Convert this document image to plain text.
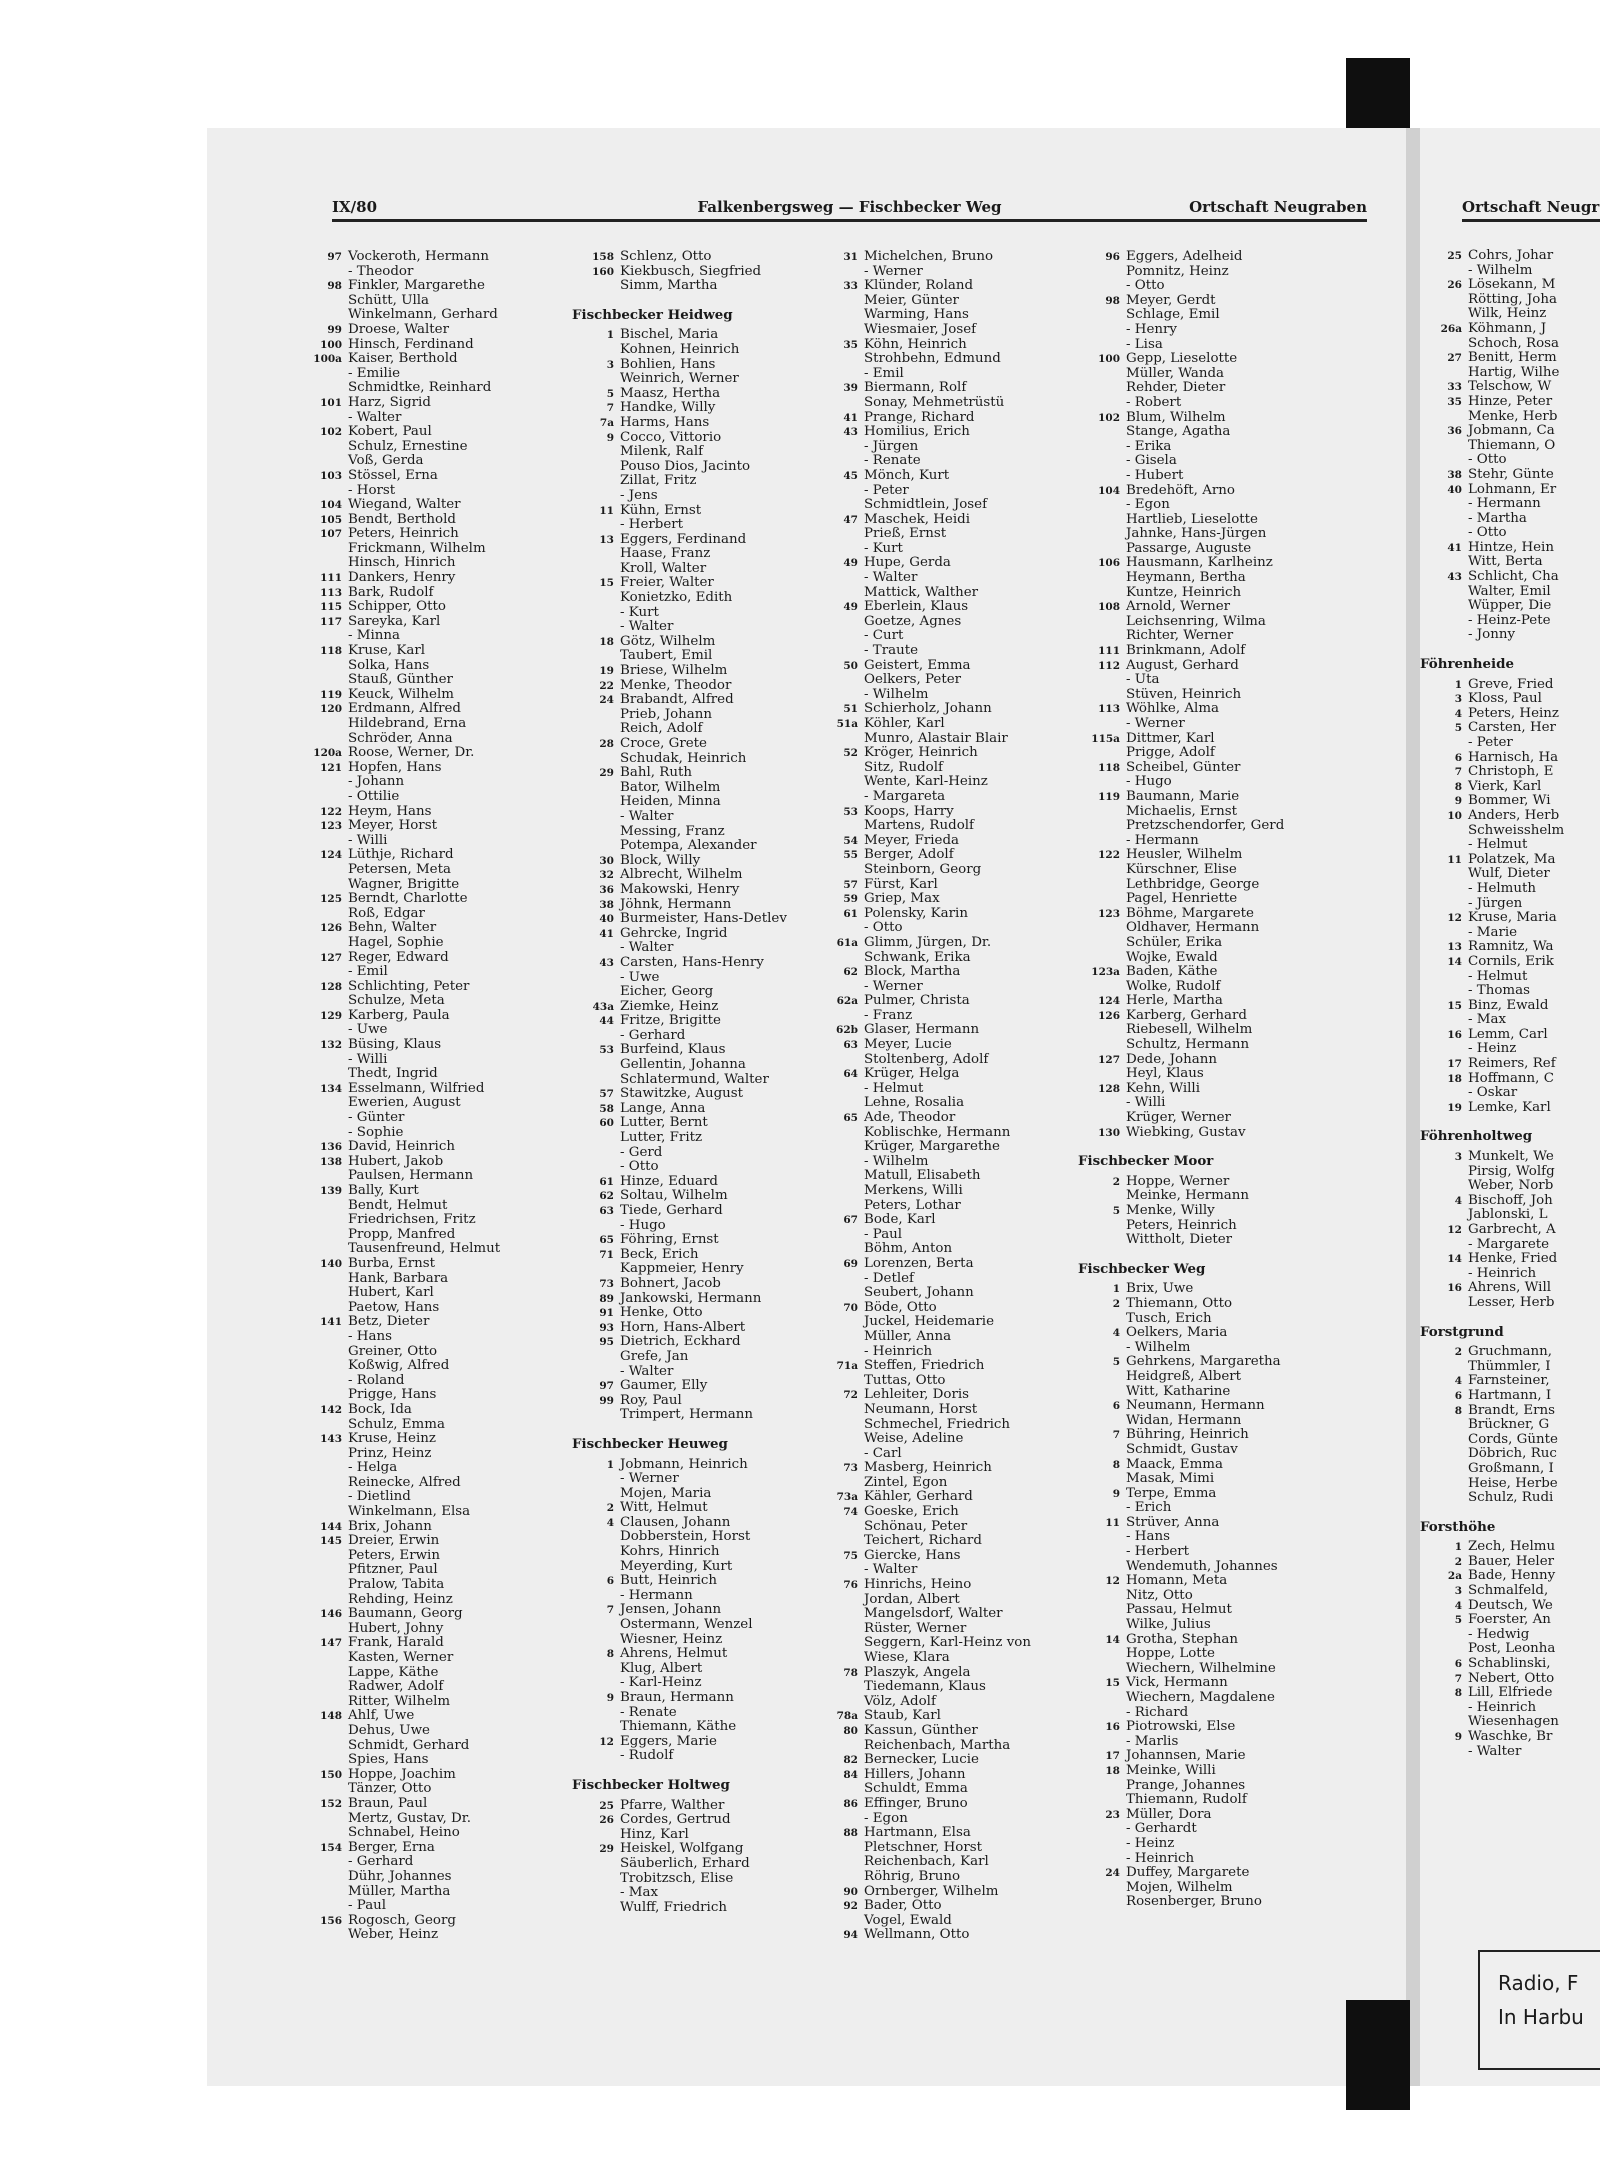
Ortschaft Neugr
25 Cohrs, Johar
- Wilhelm
26 Lösekann, M
Rötting, Joha
Wilk, Heinz
26a Köhmann, J
Schoch, Rosa
27 Benitt, Herm
Hartig, Wilhe
33 Telschow, W
35 Hinze, Peter
Menke, Herb
36 Jobmann, Ca
Thiemann, O
- Otto
38 Stehr, Günte
40 Lohmann, Er
- Hermann
- Martha
- Otto
41 Hintze, Hein
Witt, Berta
43 Schlicht, Cha
Walter, Emil
Wüpper, Die
- Heinz-Pete
- Jonny
Föhrenheide
1 Greve, Fried
3 Kloss, Paul
4 Peters, Heinz
5 Carsten, Her
- Peter
6 Harnisch, Ha
7 Christoph, E
8 Vierk, Karl
9 Bommer, Wi
10 Anders, Herb
Schweisshelm
- Helmut
11 Polatzek, Ma
Wulf, Dieter
- Helmuth
- Jürgen
12 Kruse, Maria
- Marie
13 Ramnitz, Wa
14 Cornils, Erik
- Helmut
- Thomas
15 Binz, Ewald
- Max
16 Lemm, Carl
- Heinz
17 Reimers, Ref
18 Hoffmann, C
- Oskar
19 Lemke, Karl
Föhrenholtweg
3 Munkelt, We
Pirsig, Wolfg
Weber, Norb
4 Bischoff, Joh
Jablonski, L
12 Garbrecht, A
- Margarete
14 Henke, Fried
- Heinrich
16 Ahrens, Will
Lesser, Herb
Forstgrund
2 Gruchmann,
Thümmler, I
4 Farnsteiner,
6 Hartmann, I
8 Brandt, Erns
Brückner, G
Cords, Günte
Döbrich, Ruc
Großmann, I
Heise, Herbe
Schulz, Rudi
Forsthöhe
1 Zech, Helmu
2 Bauer, Heler
2a Bade, Henny
3 Schmalfeld,
4 Deutsch, We
5 Foerster, An
- Hedwig
Post, Leonha
6 Schablinski,
7 Nebert, Otto
8 Lill, Elfriede
- Heinrich
Wiesenhagen
9 Waschke, Br
- Walter
Radio, F
In Harbu
IX/80	Falkenbergsweg — Fischbecker Weg	Ortschaft Neugraben
97 Vockeroth, Hermann
- Theodor
98 Finkler, Margarethe
Schütt, Ulla
Winkelmann, Gerhard
99 Droese, Walter
100 Hinsch, Ferdinand
100a Kaiser, Berthold
- Emilie
Schmidtke, Reinhard
101 Harz, Sigrid
- Walter
102 Kobert, Paul
Schulz, Ernestine
Voß, Gerda
103 Stössel, Erna
- Horst
104 Wiegand, Walter
105 Bendt, Berthold
107 Peters, Heinrich
Frickmann, Wilhelm
Hinsch, Hinrich
111 Dankers, Henry
113 Bark, Rudolf
115 Schipper, Otto
117 Sareyka, Karl
- Minna
118 Kruse, Karl
Solka, Hans
Stauß, Günther
119 Keuck, Wilhelm
120 Erdmann, Alfred
Hildebrand, Erna
Schröder, Anna
120a Roose, Werner, Dr.
121 Hopfen, Hans
- Johann
- Ottilie
122 Heym, Hans
123 Meyer, Horst
- Willi
124 Lüthje, Richard
Petersen, Meta
Wagner, Brigitte
125 Berndt, Charlotte
Roß, Edgar
126 Behn, Walter
Hagel, Sophie
127 Reger, Edward
- Emil
128 Schlichting, Peter
Schulze, Meta
129 Karberg, Paula
- Uwe
132 Büsing, Klaus
- Willi
Thedt, Ingrid
134 Esselmann, Wilfried
Ewerien, August
- Günter
- Sophie
136 David, Heinrich
138 Hubert, Jakob
Paulsen, Hermann
139 Bally, Kurt
Bendt, Helmut
Friedrichsen, Fritz
Propp, Manfred
Tausenfreund, Helmut
140 Burba, Ernst
Hank, Barbara
Hubert, Karl
Paetow, Hans
141 Betz, Dieter
- Hans
Greiner, Otto
Koßwig, Alfred
- Roland
Prigge, Hans
142 Bock, Ida
Schulz, Emma
143 Kruse, Heinz
Prinz, Heinz
- Helga
Reinecke, Alfred
- Dietlind
Winkelmann, Elsa
144 Brix, Johann
145 Dreier, Erwin
Peters, Erwin
Pfitzner, Paul
Pralow, Tabita
Rehding, Heinz
146 Baumann, Georg
Hubert, Johny
147 Frank, Harald
Kasten, Werner
Lappe, Käthe
Radwer, Adolf
Ritter, Wilhelm
148 Ahlf, Uwe
Dehus, Uwe
Schmidt, Gerhard
Spies, Hans
150 Hoppe, Joachim
Tänzer, Otto
152 Braun, Paul
Mertz, Gustav, Dr.
Schnabel, Heino
154 Berger, Erna
- Gerhard
Dühr, Johannes
Müller, Martha
- Paul
156 Rogosch, Georg
Weber, Heinz
158 Schlenz, Otto
160 Kiekbusch, Siegfried
Simm, Martha
Fischbecker Heidweg
1 Bischel, Maria
Kohnen, Heinrich
3 Bohlien, Hans
Weinrich, Werner
5 Maasz, Hertha
7 Handke, Willy
7a Harms, Hans
9 Cocco, Vittorio
Milenk, Ralf
Pouso Dios, Jacinto
Zillat, Fritz
- Jens
11 Kühn, Ernst
- Herbert
13 Eggers, Ferdinand
Haase, Franz
Kroll, Walter
15 Freier, Walter
Konietzko, Edith
- Kurt
- Walter
18 Götz, Wilhelm
Taubert, Emil
19 Briese, Wilhelm
22 Menke, Theodor
24 Brabandt, Alfred
Prieb, Johann
Reich, Adolf
28 Croce, Grete
Schudak, Heinrich
29 Bahl, Ruth
Bator, Wilhelm
Heiden, Minna
- Walter
Messing, Franz
Potempa, Alexander
30 Block, Willy
32 Albrecht, Wilhelm
36 Makowski, Henry
38 Jöhnk, Hermann
40 Burmeister, Hans-Detlev
41 Gehrcke, Ingrid
- Walter
43 Carsten, Hans-Henry
- Uwe
Eicher, Georg
43a Ziemke, Heinz
44 Fritze, Brigitte
- Gerhard
53 Burfeind, Klaus
Gellentin, Johanna
Schlatermund, Walter
57 Stawitzke, August
58 Lange, Anna
60 Lutter, Bernt
Lutter, Fritz
- Gerd
- Otto
61 Hinze, Eduard
62 Soltau, Wilhelm
63 Tiede, Gerhard
- Hugo
65 Föhring, Ernst
71 Beck, Erich
Kappmeier, Henry
73 Bohnert, Jacob
89 Jankowski, Hermann
91 Henke, Otto
93 Horn, Hans-Albert
95 Dietrich, Eckhard
Grefe, Jan
- Walter
97 Gaumer, Elly
99 Roy, Paul
Trimpert, Hermann
Fischbecker Heuweg
1 Jobmann, Heinrich
- Werner
Mojen, Maria
2 Witt, Helmut
4 Clausen, Johann
Dobberstein, Horst
Kohrs, Hinrich
Meyerding, Kurt
6 Butt, Heinrich
- Hermann
7 Jensen, Johann
Ostermann, Wenzel
Wiesner, Heinz
8 Ahrens, Helmut
Klug, Albert
- Karl-Heinz
9 Braun, Hermann
- Renate
Thiemann, Käthe
12 Eggers, Marie
- Rudolf
Fischbecker Holtweg
25 Pfarre, Walther
26 Cordes, Gertrud
Hinz, Karl
29 Heiskel, Wolfgang
Säuberlich, Erhard
Trobitzsch, Elise
- Max
Wulff, Friedrich
31 Michelchen, Bruno
- Werner
33 Klünder, Roland
Meier, Günter
Warming, Hans
Wiesmaier, Josef
35 Köhn, Heinrich
Strohbehn, Edmund
- Emil
39 Biermann, Rolf
Sonay, Mehmetrüstü
41 Prange, Richard
43 Homilius, Erich
- Jürgen
- Renate
45 Mönch, Kurt
- Peter
Schmidtlein, Josef
47 Maschek, Heidi
Prieß, Ernst
- Kurt
49 Hupe, Gerda
- Walter
Mattick, Walther
49 Eberlein, Klaus
Goetze, Agnes
- Curt
- Traute
50 Geistert, Emma
Oelkers, Peter
- Wilhelm
51 Schierholz, Johann
51a Köhler, Karl
Munro, Alastair Blair
52 Kröger, Heinrich
Sitz, Rudolf
Wente, Karl-Heinz
- Margareta
53 Koops, Harry
Martens, Rudolf
54 Meyer, Frieda
55 Berger, Adolf
Steinborn, Georg
57 Fürst, Karl
59 Griep, Max
61 Polensky, Karin
- Otto
61a Glimm, Jürgen, Dr.
Schwank, Erika
62 Block, Martha
- Werner
62a Pulmer, Christa
- Franz
62b Glaser, Hermann
63 Meyer, Lucie
Stoltenberg, Adolf
64 Krüger, Helga
- Helmut
Lehne, Rosalia
65 Ade, Theodor
Koblischke, Hermann
Krüger, Margarethe
- Wilhelm
Matull, Elisabeth
Merkens, Willi
Peters, Lothar
67 Bode, Karl
- Paul
Böhm, Anton
69 Lorenzen, Berta
- Detlef
Seubert, Johann
70 Böde, Otto
Juckel, Heidemarie
Müller, Anna
- Heinrich
71a Steffen, Friedrich
Tuttas, Otto
72 Lehleiter, Doris
Neumann, Horst
Schmechel, Friedrich
Weise, Adeline
- Carl
73 Masberg, Heinrich
Zintel, Egon
73a Kähler, Gerhard
74 Goeske, Erich
Schönau, Peter
Teichert, Richard
75 Giercke, Hans
- Walter
76 Hinrichs, Heino
Jordan, Albert
Mangelsdorf, Walter
Rüster, Werner
Seggern, Karl-Heinz von
Wiese, Klara
78 Plaszyk, Angela
Tiedemann, Klaus
Völz, Adolf
78a Staub, Karl
80 Kassun, Günther
Reichenbach, Martha
82 Bernecker, Lucie
84 Hillers, Johann
Schuldt, Emma
86 Effinger, Bruno
- Egon
88 Hartmann, Elsa
Pletschner, Horst
Reichenbach, Karl
Röhrig, Bruno
90 Ornberger, Wilhelm
92 Bader, Otto
Vogel, Ewald
94 Wellmann, Otto
96 Eggers, Adelheid
Pomnitz, Heinz
- Otto
98 Meyer, Gerdt
Schlage, Emil
- Henry
- Lisa
100 Gepp, Lieselotte
Müller, Wanda
Rehder, Dieter
- Robert
102 Blum, Wilhelm
Stange, Agatha
- Erika
- Gisela
- Hubert
104 Bredehöft, Arno
- Egon
Hartlieb, Lieselotte
Jahnke, Hans-Jürgen
Passarge, Auguste
106 Hausmann, Karlheinz
Heymann, Bertha
Kuntze, Heinrich
108 Arnold, Werner
Leichsenring, Wilma
Richter, Werner
111 Brinkmann, Adolf
112 August, Gerhard
- Uta
Stüven, Heinrich
113 Wöhlke, Alma
- Werner
115a Dittmer, Karl
Prigge, Adolf
118 Scheibel, Günter
- Hugo
119 Baumann, Marie
Michaelis, Ernst
Pretzschendorfer, Gerd
- Hermann
122 Heusler, Wilhelm
Kürschner, Elise
Lethbridge, George
Pagel, Henriette
123 Böhme, Margarete
Oldhaver, Hermann
Schüler, Erika
Wojke, Ewald
123a Baden, Käthe
Wolke, Rudolf
124 Herle, Martha
126 Karberg, Gerhard
Riebesell, Wilhelm
Schultz, Hermann
127 Dede, Johann
Heyl, Klaus
128 Kehn, Willi
- Willi
Krüger, Werner
130 Wiebking, Gustav
Fischbecker Moor
2 Hoppe, Werner
Meinke, Hermann
5 Menke, Willy
Peters, Heinrich
Wittholt, Dieter
Fischbecker Weg
1 Brix, Uwe
2 Thiemann, Otto
Tusch, Erich
4 Oelkers, Maria
- Wilhelm
5 Gehrkens, Margaretha
Heidgreß, Albert
Witt, Katharine
6 Neumann, Hermann
Widan, Hermann
7 Bühring, Heinrich
Schmidt, Gustav
8 Maack, Emma
Masak, Mimi
9 Terpe, Emma
- Erich
11 Strüver, Anna
- Hans
- Herbert
Wendemuth, Johannes
12 Homann, Meta
Nitz, Otto
Passau, Helmut
Wilke, Julius
14 Grotha, Stephan
Hoppe, Lotte
Wiechern, Wilhelmine
15 Vick, Hermann
Wiechern, Magdalene
- Richard
16 Piotrowski, Else
- Marlis
17 Johannsen, Marie
18 Meinke, Willi
Prange, Johannes
Thiemann, Rudolf
23 Müller, Dora
- Gerhardt
- Heinz
- Heinrich
24 Duffey, Margarete
Mojen, Wilhelm
Rosenberger, Bruno
